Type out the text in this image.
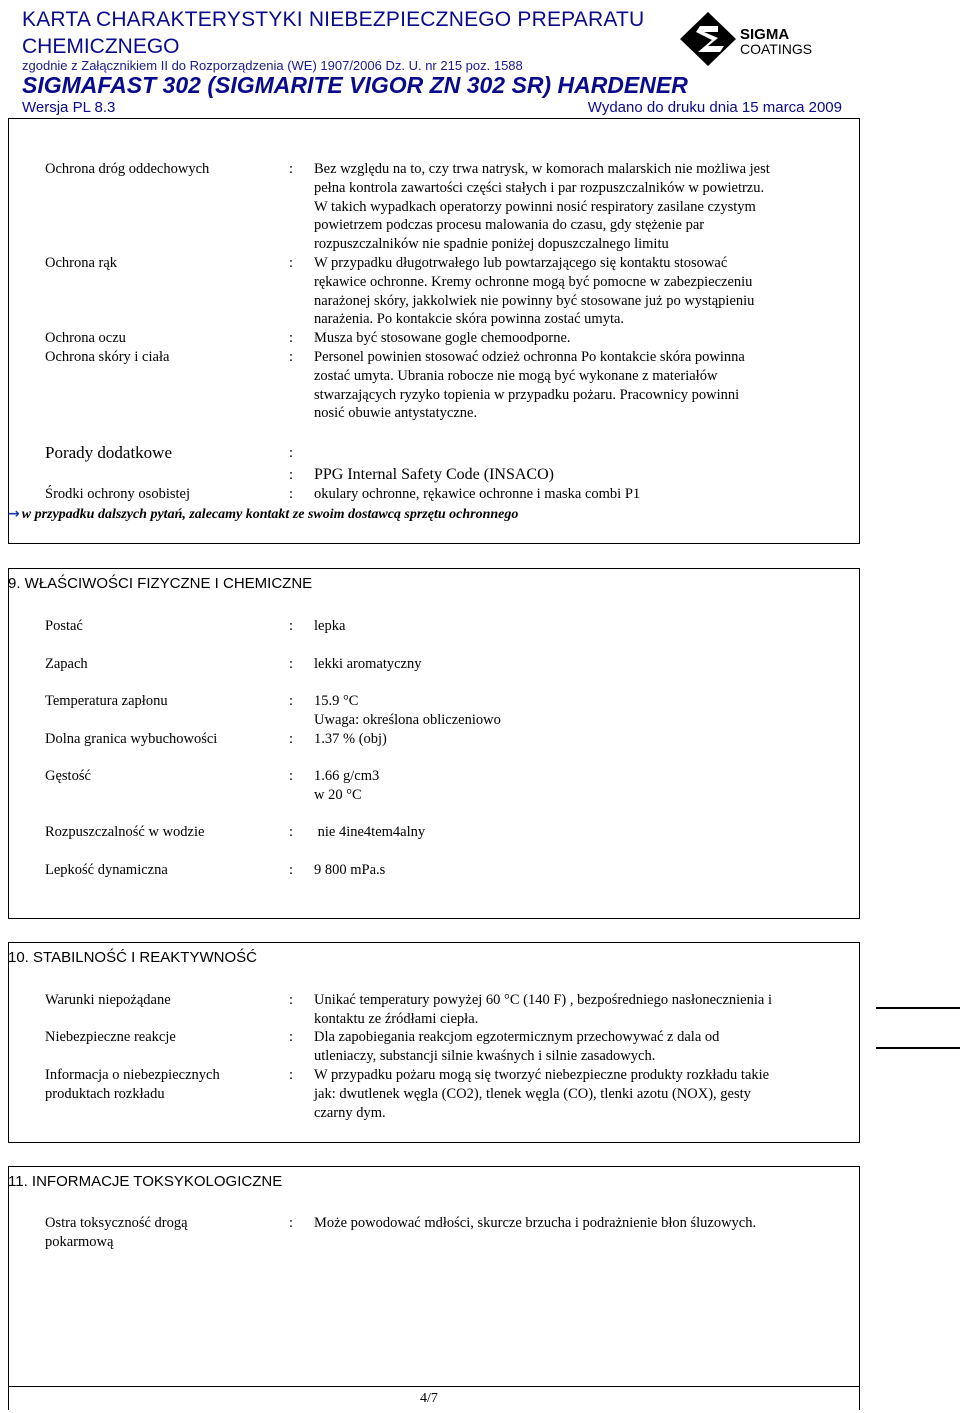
KARTA CHARAKTERYSTYKI NIEBEZPIECZNEGO PREPARATU
CHEMICZNEGO
zgodnie z Załącznikiem II do Rozporządzenia (WE) 1907/2006 Dz. U. nr 215 poz. 1588
SIGMAFAST 302 (SIGMARITE VIGOR ZN 302 SR) HARDENER
Wersja PL 8.3	Wydano do druku dnia 15 marca 2009
SIGMA
COATINGS
Ochrona dróg oddechowych	: Bez względu na to, czy trwa natrysk, w komorach malarskich nie możliwa jest
pełna kontrola zawartości części stałych i par rozpuszczalników w powietrzu.
W takich wypadkach operatorzy powinni nosić respiratory zasilane czystym
powietrzem podczas procesu malowania do czasu, gdy stężenie par
rozpuszczalników nie spadnie poniżej dopuszczalnego limitu
Ochrona rąk	: W przypadku długotrwałego lub powtarzającego się kontaktu stosować
rękawice ochronne. Kremy ochronne mogą być pomocne w zabezpieczeniu
narażonej skóry, jakkolwiek nie powinny być stosowane już po wystąpieniu
narażenia. Po kontakcie skóra powinna zostać umyta.
Ochrona oczu	: Musza być stosowane gogle chemoodporne.
Ochrona skóry i ciała	: Personel powinien stosować odzież ochronna Po kontakcie skóra powinna
zostać umyta. Ubrania robocze nie mogą być wykonane z materiałów
stwarzających ryzyko topienia w przypadku pożaru. Pracownicy powinni
nosić obuwie antystatyczne.
Porady dodatkowe	:
: PPG Internal Safety Code (INSACO)
Środki ochrony osobistej	: okulary ochronne, rękawice ochronne i maska combi P1
→ w przypadku dalszych pytań, zalecamy kontakt ze swoim dostawcą sprzętu ochronnego
9. WŁAŚCIWOŚCI FIZYCZNE I CHEMICZNE
Postać	: lepka
Zapach	: lekki aromatyczny
Temperatura zapłonu	: 15.9 °C
Uwaga: określona obliczeniowo
Dolna granica wybuchowości	: 1.37 % (obj)
Gęstość	: 1.66 g/cm3
w 20 °C
Rozpuszczalność w wodzie	: nie 4ine4tem4alny
Lepkość dynamiczna	: 9 800 mPa.s
10. STABILNOŚĆ I REAKTYWNOŚĆ
Warunki niepożądane	: Unikać temperatury powyżej 60 °C (140 F) , bezpośredniego nasłonecznienia i
kontaktu ze źródłami ciepła.
Niebezpieczne reakcje	: Dla zapobiegania reakcjom egzotermicznym przechowywać z dala od
utleniaczy, substancji silnie kwaśnych i silnie zasadowych.
Informacja o niebezpiecznych
produktach rozkładu
: W przypadku pożaru mogą się tworzyć niebezpieczne produkty rozkładu takie
jak: dwutlenek węgla (CO2), tlenek węgla (CO), tlenki azotu (NOX), gesty
czarny dym.
11. INFORMACJE TOKSYKOLOGICZNE
Ostra toksyczność drogą
pokarmową
: Może powodować mdłości, skurcze brzucha i podrażnienie błon śluzowych.
4/7
